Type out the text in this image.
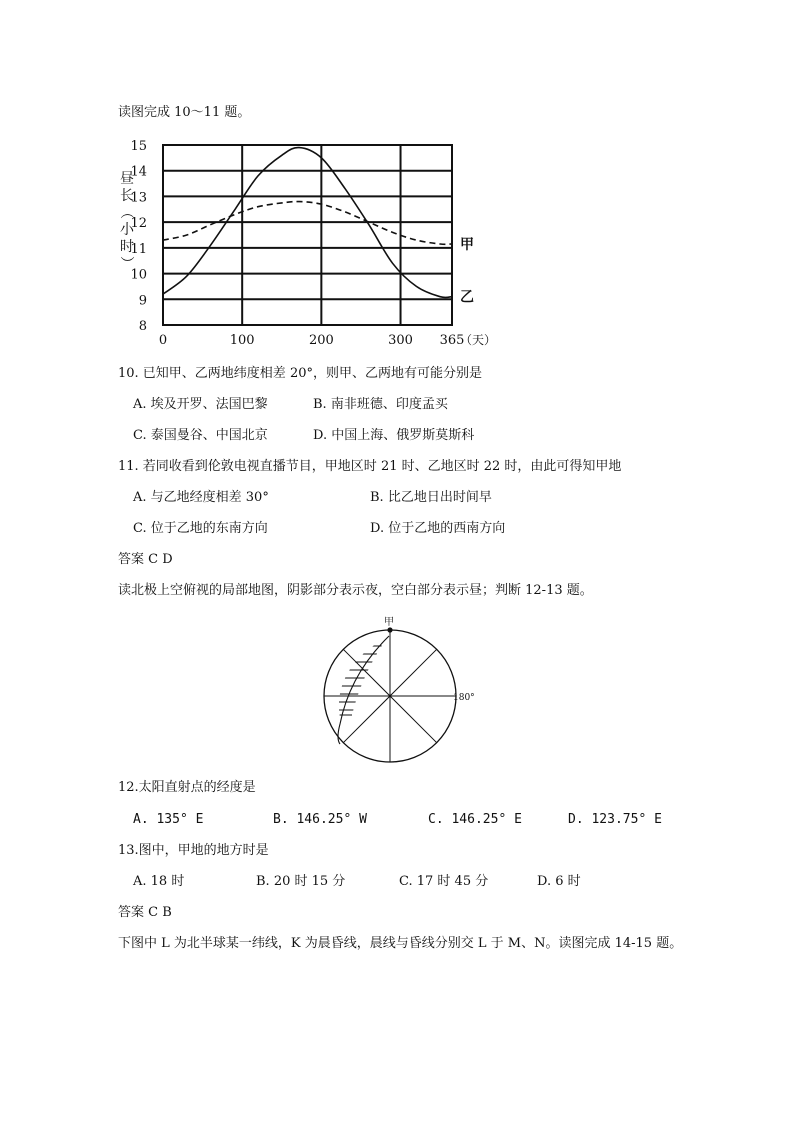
读图完成 10～11 题。
8
9
10
11
12
13
14
15
0	100	200	300 365
（天）
昼
长
（
小
时
）
甲
乙
10. 已知甲、乙两地纬度相差 20°，则甲、乙两地有可能分别是
A. 埃及开罗、法国巴黎	B. 南非班德、印度孟买
C. 泰国曼谷、中国北京	D. 中国上海、俄罗斯莫斯科
11. 若同收看到伦敦电视直播节目，甲地区时 21 时、乙地区时 22 时，由此可得知甲地
A. 与乙地经度相差 30°	B. 比乙地日出时间早
C. 位于乙地的东南方向	D. 位于乙地的西南方向
答案 C D
读北极上空俯视的局部地图，阴影部分表示夜，空白部分表示昼；判断 12-13 题。
甲
180°
12.太阳直射点的经度是
A. 135° E	B. 146.25° W	C. 146.25° E	D. 123.75° E
13.图中，甲地的地方时是
A. 18 时	B. 20 时 15 分	C. 17 时 45 分	D. 6 时
答案 C B
下图中 L 为北半球某一纬线，K 为晨昏线，晨线与昏线分别交 L 于 M、N。读图完成 14-15 题。
